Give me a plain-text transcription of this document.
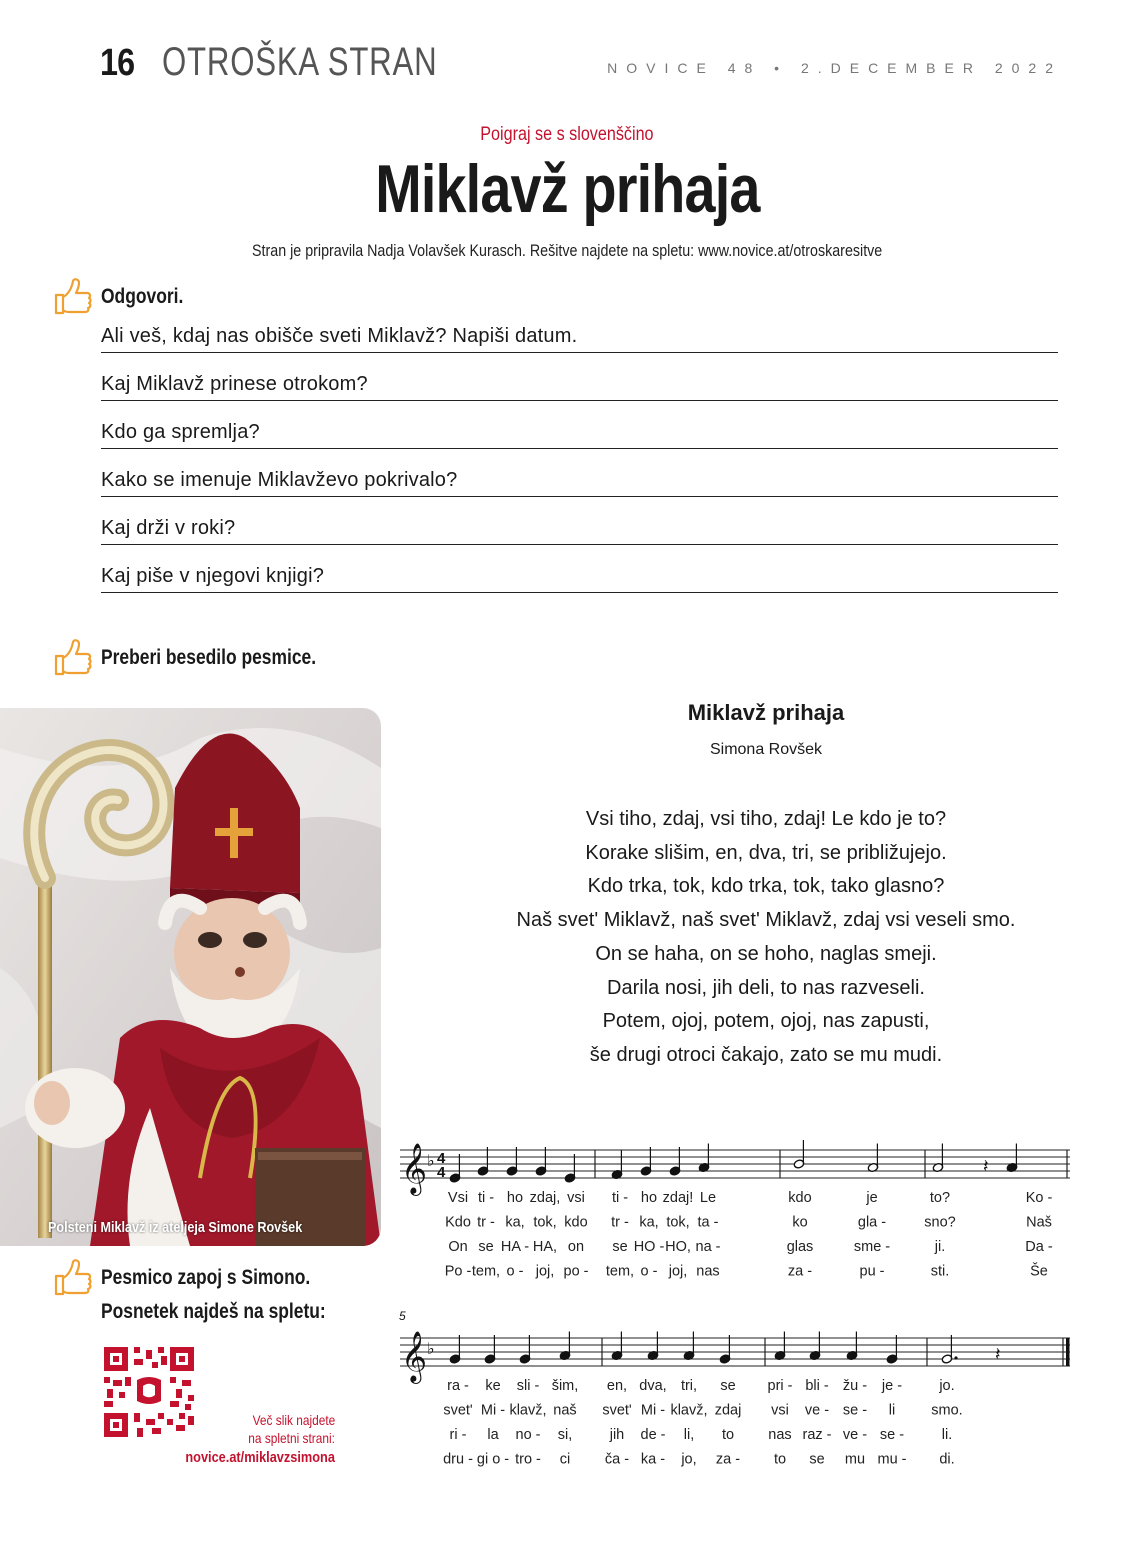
16 OTROŠKA STRAN	NOVICE 48 • 2.DECEMBER 2022
Poigraj se s slovenščino
Miklavž prihaja
Stran je pripravila Nadja Volavšek Kurasch. Rešitve najdete na spletu: www.novice.at/otroskaresitve
Odgovori.
Ali veš, kdaj nas obišče sveti Miklavž? Napiši datum.
Kaj Miklavž prinese otrokom?
Kdo ga spremlja?
Kako se imenuje Miklavževo pokrivalo?
Kaj drži v roki?
Kaj piše v njegovi knjigi?
Preberi besedilo pesmice.
Polsteni Miklavž iz ateljeja Simone Rovšek
Pesmico zapoj s Simono.
Posnetek najdeš na spletu:
Več slik najdete
na spletni strani:
novice.at/miklavzsimona
Miklavž prihaja
Simona Rovšek
Vsi tiho, zdaj, vsi tiho, zdaj! Le kdo je to?
Korake slišim, en, dva, tri, se približujejo.
Kdo trka, tok, kdo trka, tok, tako glasno?
Naš svet' Miklavž, naš svet' Miklavž, zdaj vsi veseli smo.
On se haha, on se hoho, naglas smeji.
Darila nosi, jih deli, to nas razveseli.
Potem, ojoj, potem, ojoj, nas zapusti,
še drugi otroci čakajo, zato se mu mudi.
𝄞 ♭ 4
4	𝄽
Vsi ti - ho zdaj, vsi ti - ho zdaj! Le	kdo	je	to?	Ko -
Kdo tr - ka, tok, kdo tr - ka, tok, ta -	ko	gla -	sno?	Naš
On se HA - HA, on se HO - HO, na -	glas	sme -	ji.	Da -
Po - tem, o - joj, po - tem, o - joj, nas	za -	pu -	sti.	Še
5
𝄞 ♭	𝄽
ra - ke sli - šim, en, dva, tri, se pri - bli - žu - je -	jo.
svet' Mi - klavž, naš svet' Mi - klavž, zdaj vsi ve - se - li smo.
ri - la no - si,	jih de - li, to nas raz - ve - se -	li.
dru - gi o - tro - ci ča - ka - jo, za - to se mu mu - di.
